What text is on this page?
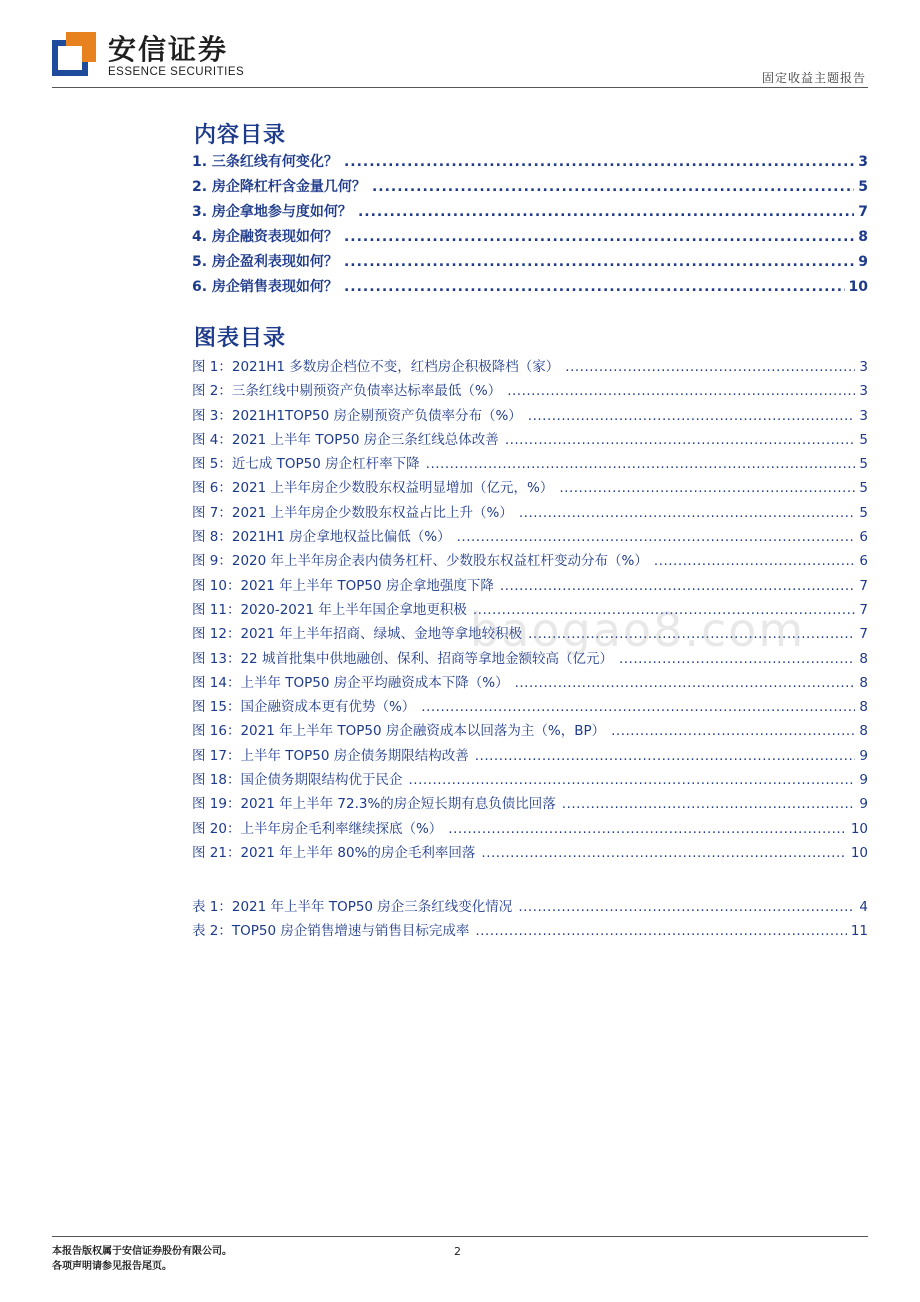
安信证券
ESSENCE SECURITIES	固定收益主题报告
内容目录
1. 三条红线有何变化？ .....	3
2. 房企降杠杆含金量几何？ .....	5
3. 房企拿地参与度如何？ .....	7
4. 房企融资表现如何？ .....	8
5. 房企盈利表现如何？ .....	9
6. 房企销售表现如何？ .....	10
图表目录
图 1：2021H1 多数房企档位不变，红档房企积极降档（家） .....	3
图 2：三条红线中剔预资产负债率达标率最低（%） .....	3
图 3：2021H1TOP50 房企剔预资产负债率分布（%） .....	3
图 4：2021 上半年 TOP50 房企三条红线总体改善 .....	5
图 5：近七成 TOP50 房企杠杆率下降 .....	5
图 6：2021 上半年房企少数股东权益明显增加（亿元，%） .....	5
图 7：2021 上半年房企少数股东权益占比上升（%） .....	5
图 8：2021H1 房企拿地权益比偏低（%） .....	6
图 9：2020 年上半年房企表内债务杠杆、少数股东权益杠杆变动分布（%） .....	6
图 10：2021 年上半年 TOP50 房企拿地强度下降 .....	7
图 11：2020-2021 年上半年国企拿地更积极 .....	7
图 12：2021 年上半年招商、绿城、金地等拿地较积极 .....	7
图 13：22 城首批集中供地融创、保利、招商等拿地金额较高（亿元） .....	8
图 14：上半年 TOP50 房企平均融资成本下降（%） .....	8
图 15：国企融资成本更有优势（%） .....	8
图 16：2021 年上半年 TOP50 房企融资成本以回落为主（%，BP） .....	8
图 17：上半年 TOP50 房企债务期限结构改善 .....	9
图 18：国企债务期限结构优于民企 .....	9
图 19：2021 年上半年 72.3%的房企短长期有息负债比回落 .....	9
图 20：上半年房企毛利率继续探底（%） .....	10
图 21：2021 年上半年 80%的房企毛利率回落 .....	10
表 1：2021 年上半年 TOP50 房企三条红线变化情况 .....	4
表 2：TOP50 房企销售增速与销售目标完成率 .....	11
baogao8.com
本报告版权属于安信证券股份有限公司。
各项声明请参见报告尾页。
2
